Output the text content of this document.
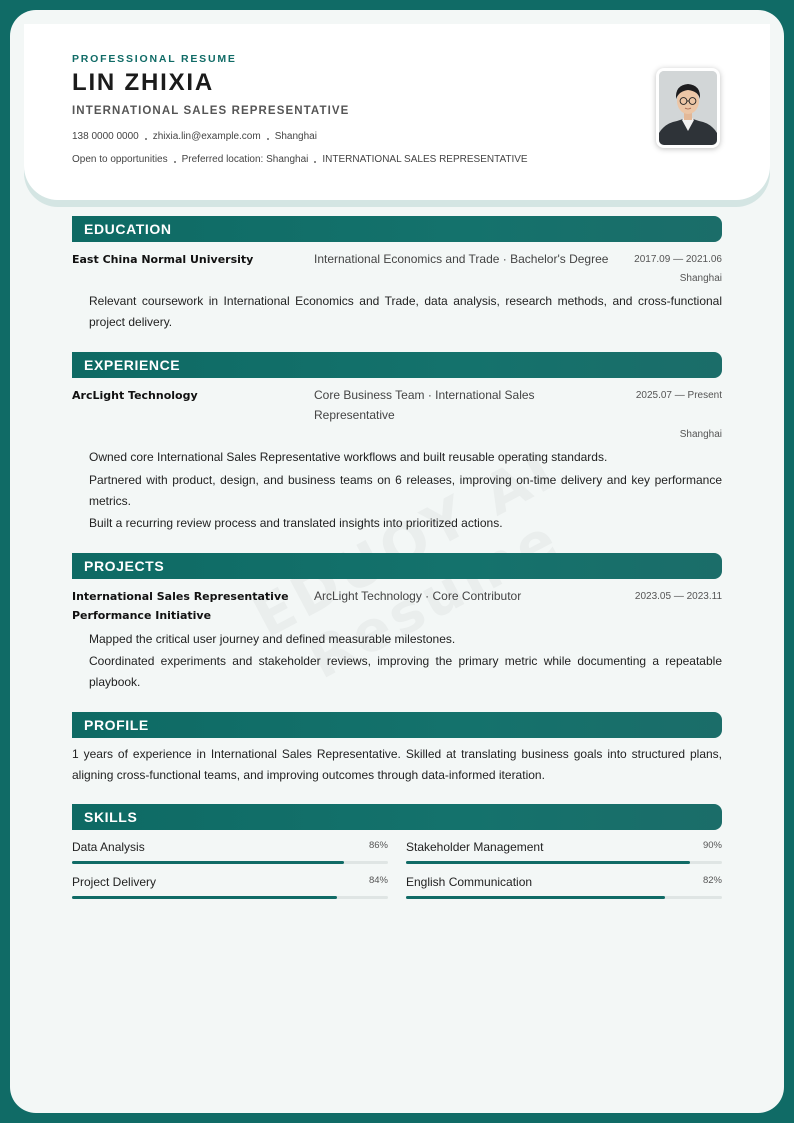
PROFESSIONAL RESUME
LIN ZHIXIA
INTERNATIONAL SALES REPRESENTATIVE
138 0000 0000 zhixia.lin@example.com Shanghai
Open to opportunities Preferred location: Shanghai INTERNATIONAL SALES REPRESENTATIVE
EDUCATION
East China Normal University	International Economics and Trade · Bachelor's Degree	2017.09 — 2021.06
Shanghai
Relevant coursework in International Economics and Trade, data analysis, research methods, and cross-functional project delivery.
EXPERIENCE
ArcLight Technology	Core Business Team · International Sales Representative
2025.07 — Present
Shanghai
Owned core International Sales Representative workflows and built reusable operating standards.
Partnered with product, design, and business teams on 6 releases, improving on-time delivery and key performance metrics.
Built a recurring review process and translated insights into prioritized actions.
PROJECTS
International Sales Representative Performance Initiative
ArcLight Technology · Core Contributor	2023.05 — 2023.11
Mapped the critical user journey and defined measurable milestones.
Coordinated experiments and stakeholder reviews, improving the primary metric while documenting a repeatable playbook.
PROFILE
1 years of experience in International Sales Representative. Skilled at translating business goals into structured plans, aligning cross-functional teams, and improving outcomes through data-informed iteration.
SKILLS
Data Analysis	86% Stakeholder Management	90%
Project Delivery	84% English Communication	82%
